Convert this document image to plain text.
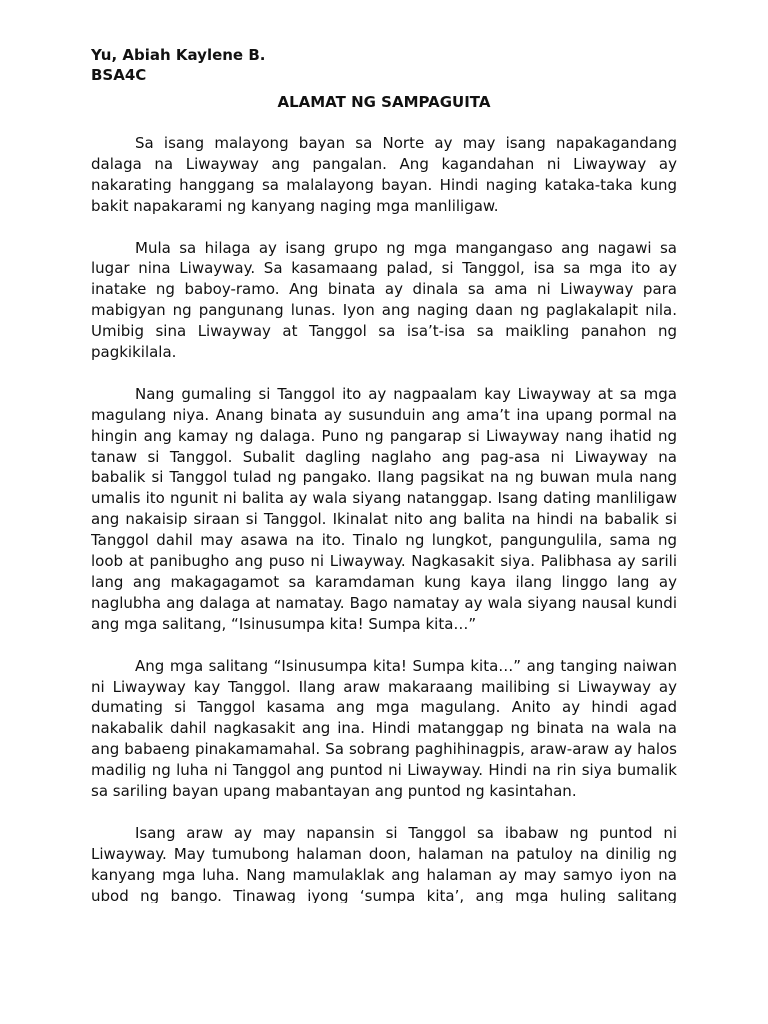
Yu, Abiah Kaylene B.
BSA4C
ALAMAT NG SAMPAGUITA

Sa isang malayong bayan sa Norte ay may isang napakagandang dalaga na Liwayway ang pangalan. Ang kagandahan ni Liwayway ay nakarating hanggang sa malalayong bayan. Hindi naging kataka-taka kung bakit napakarami ng kanyang naging mga manliligaw.

Mula sa hilaga ay isang grupo ng mga mangangaso ang nagawi sa lugar nina Liwayway. Sa kasamaang palad, si Tanggol, isa sa mga ito ay inatake ng baboy-ramo. Ang binata ay dinala sa ama ni Liwayway para mabigyan ng pangunang lunas. Iyon ang naging daan ng paglakalapit nila. Umibig sina Liwayway at Tanggol sa isa’t-isa sa maikling panahon ng pagkikilala.

Nang gumaling si Tanggol ito ay nagpaalam kay Liwayway at sa mga magulang niya. Anang binata ay susunduin ang ama’t ina upang pormal na hingin ang kamay ng dalaga. Puno ng pangarap si Liwayway nang ihatid ng tanaw si Tanggol. Subalit dagling naglaho ang pag-asa ni Liwayway na babalik si Tanggol tulad ng pangako. Ilang pagsikat na ng buwan mula nang umalis ito ngunit ni balita ay wala siyang natanggap. Isang dating manliligaw ang nakaisip siraan si Tanggol. Ikinalat nito ang balita na hindi na babalik si Tanggol dahil may asawa na ito. Tinalo ng lungkot, pangungulila, sama ng loob at panibugho ang puso ni Liwayway. Nagkasakit siya. Palibhasa ay sarili lang ang makagagamot sa karamdaman kung kaya ilang linggo lang ay naglubha ang dalaga at namatay. Bago namatay ay wala siyang nausal kundi ang mga salitang, “Isinusumpa kita! Sumpa kita…”

Ang mga salitang “Isinusumpa kita! Sumpa kita…” ang tanging naiwan ni Liwayway kay Tanggol. Ilang araw makaraang mailibing si Liwayway ay dumating si Tanggol kasama ang mga magulang. Anito ay hindi agad nakabalik dahil nagkasakit ang ina. Hindi matanggap ng binata na wala na ang babaeng pinakamamahal. Sa sobrang paghihinagpis, araw-araw ay halos madilig ng luha ni Tanggol ang puntod ni Liwayway. Hindi na rin siya bumalik sa sariling bayan upang mabantayan ang puntod ng kasintahan.

Isang araw ay may napansin si Tanggol sa ibabaw ng puntod ni Liwayway. May tumubong halaman doon, halaman na patuloy na dinilig ng kanyang mga luha. Nang mamulaklak ang halaman ay may samyo iyon na ubod ng bango. Tinawag iyong ‘sumpa kita’, ang mga huling salitang
